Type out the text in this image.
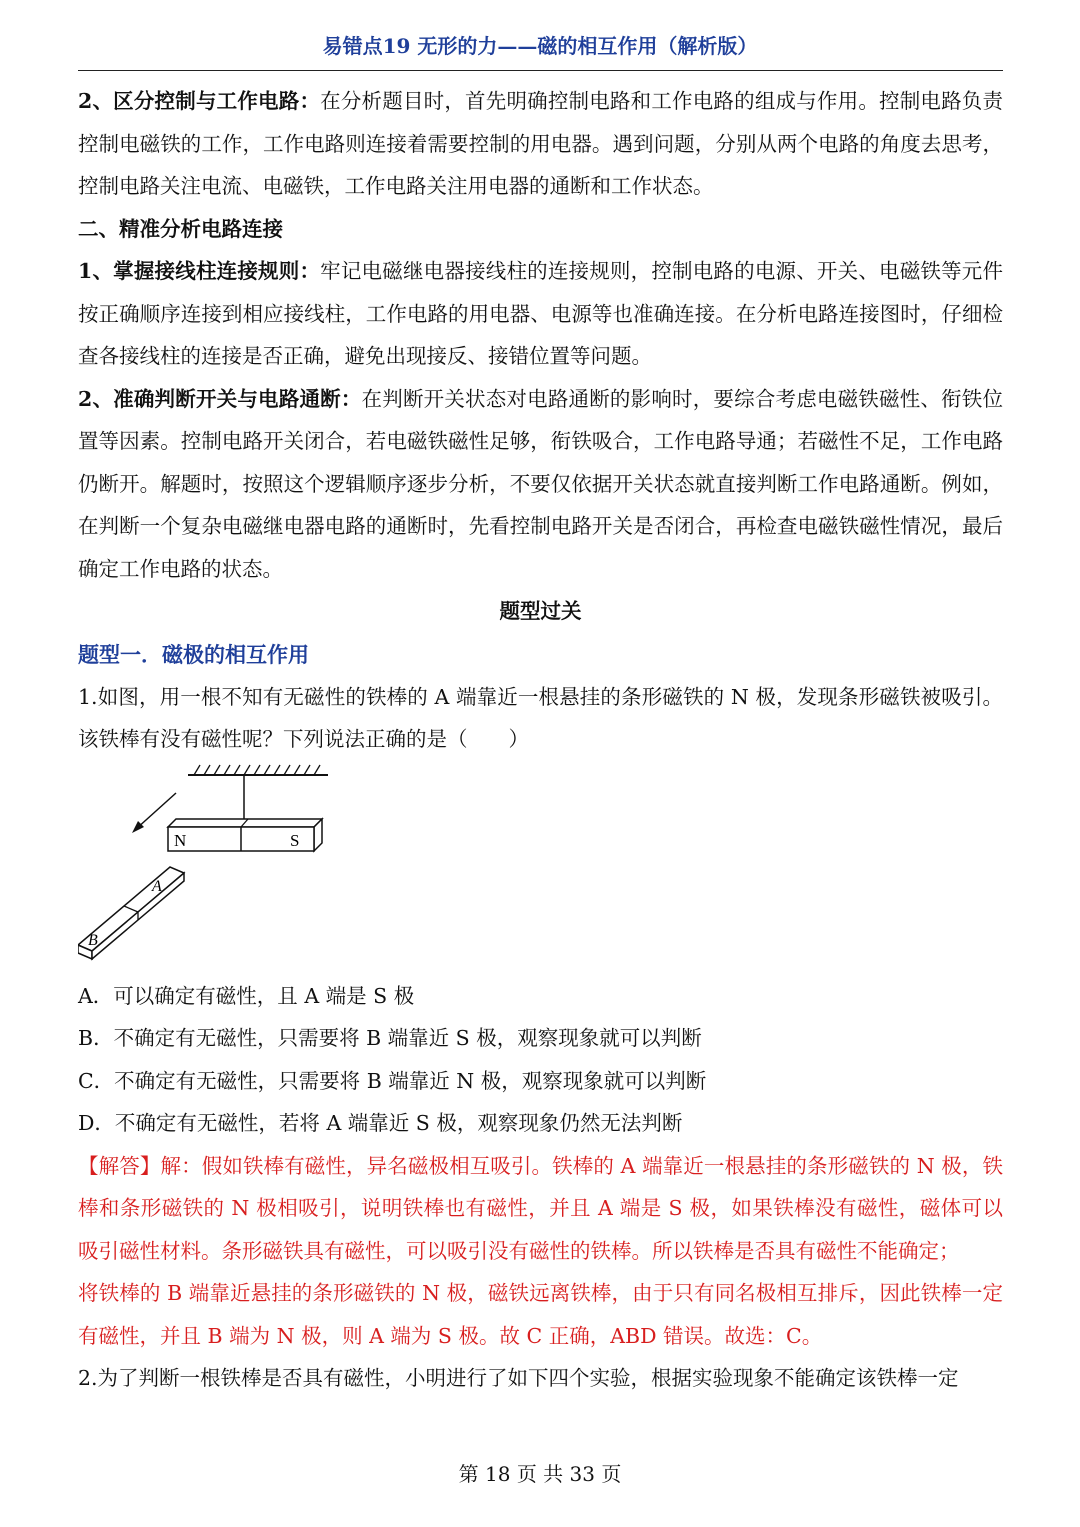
易错点19 无形的力——磁的相互作用（解析版）

2、区分控制与工作电路：在分析题目时，首先明确控制电路和工作电路的组成与作用。控制电路负责控制电磁铁的工作，工作电路则连接着需要控制的用电器。遇到问题，分别从两个电路的角度去思考，控制电路关注电流、电磁铁，工作电路关注用电器的通断和工作状态。

二、精准分析电路连接

1、掌握接线柱连接规则：牢记电磁继电器接线柱的连接规则，控制电路的电源、开关、电磁铁等元件按正确顺序连接到相应接线柱，工作电路的用电器、电源等也准确连接。在分析电路连接图时，仔细检查各接线柱的连接是否正确，避免出现接反、接错位置等问题。

2、准确判断开关与电路通断：在判断开关状态对电路通断的影响时，要综合考虑电磁铁磁性、衔铁位置等因素。控制电路开关闭合，若电磁铁磁性足够，衔铁吸合，工作电路导通；若磁性不足，工作电路仍断开。解题时，按照这个逻辑顺序逐步分析，不要仅依据开关状态就直接判断工作电路通断。例如，在判断一个复杂电磁继电器电路的通断时，先看控制电路开关是否闭合，再检查电磁铁磁性情况，最后确定工作电路的状态。

题型过关

题型一．磁极的相互作用

1.如图，用一根不知有无磁性的铁棒的 A 端靠近一根悬挂的条形磁铁的 N 极，发现条形磁铁被吸引。该铁棒有没有磁性呢？下列说法正确的是（　　）

N	S
A
B

A．可以确定有磁性，且 A 端是 S 极

B．不确定有无磁性，只需要将 B 端靠近 S 极，观察现象就可以判断

C．不确定有无磁性，只需要将 B 端靠近 N 极，观察现象就可以判断

D．不确定有无磁性，若将 A 端靠近 S 极，观察现象仍然无法判断

【解答】解：假如铁棒有磁性，异名磁极相互吸引。铁棒的 A 端靠近一根悬挂的条形磁铁的 N 极，铁棒和条形磁铁的 N 极相吸引，说明铁棒也有磁性，并且 A 端是 S 极，如果铁棒没有磁性，磁体可以吸引磁性材料。条形磁铁具有磁性，可以吸引没有磁性的铁棒。所以铁棒是否具有磁性不能确定；

将铁棒的 B 端靠近悬挂的条形磁铁的 N 极，磁铁远离铁棒，由于只有同名极相互排斥，因此铁棒一定有磁性，并且 B 端为 N 极，则 A 端为 S 极。故 C 正确，ABD 错误。故选：C。

2.为了判断一根铁棒是否具有磁性，小明进行了如下四个实验，根据实验现象不能确定该铁棒一定

第 18 页 共 33 页
